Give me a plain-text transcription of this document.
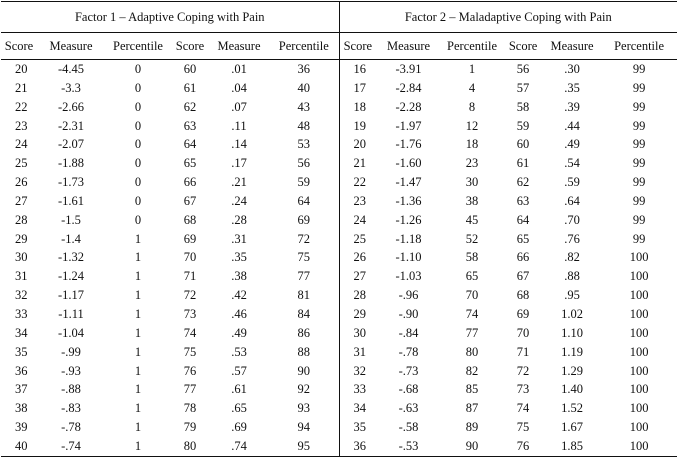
Factor 1 – Adaptive Coping with Pain						Factor 2 – Maladaptive Coping with Pain					
Score	Measure	Percentile	Score	Measure	Percentile	Score	Measure	Percentile	Score	Measure	Percentile
20	-4.45	0	60	.01	36	16	-3.91	1	56	.30	99
21	-3.3	0	61	.04	40	17	-2.84	4	57	.35	99
22	-2.66	0	62	.07	43	18	-2.28	8	58	.39	99
23	-2.31	0	63	.11	48	19	-1.97	12	59	.44	99
24	-2.07	0	64	.14	53	20	-1.76	18	60	.49	99
25	-1.88	0	65	.17	56	21	-1.60	23	61	.54	99
26	-1.73	0	66	.21	59	22	-1.47	30	62	.59	99
27	-1.61	0	67	.24	64	23	-1.36	38	63	.64	99
28	-1.5	0	68	.28	69	24	-1.26	45	64	.70	99
29	-1.4	1	69	.31	72	25	-1.18	52	65	.76	99
30	-1.32	1	70	.35	75	26	-1.10	58	66	.82	100
31	-1.24	1	71	.38	77	27	-1.03	65	67	.88	100
32	-1.17	1	72	.42	81	28	-.96	70	68	.95	100
33	-1.11	1	73	.46	84	29	-.90	74	69	1.02	100
34	-1.04	1	74	.49	86	30	-.84	77	70	1.10	100
35	-.99	1	75	.53	88	31	-.78	80	71	1.19	100
36	-.93	1	76	.57	90	32	-.73	82	72	1.29	100
37	-.88	1	77	.61	92	33	-.68	85	73	1.40	100
38	-.83	1	78	.65	93	34	-.63	87	74	1.52	100
39	-.78	1	79	.69	94	35	-.58	89	75	1.67	100
40	-.74	1	80	.74	95	36	-.53	90	76	1.85	100
